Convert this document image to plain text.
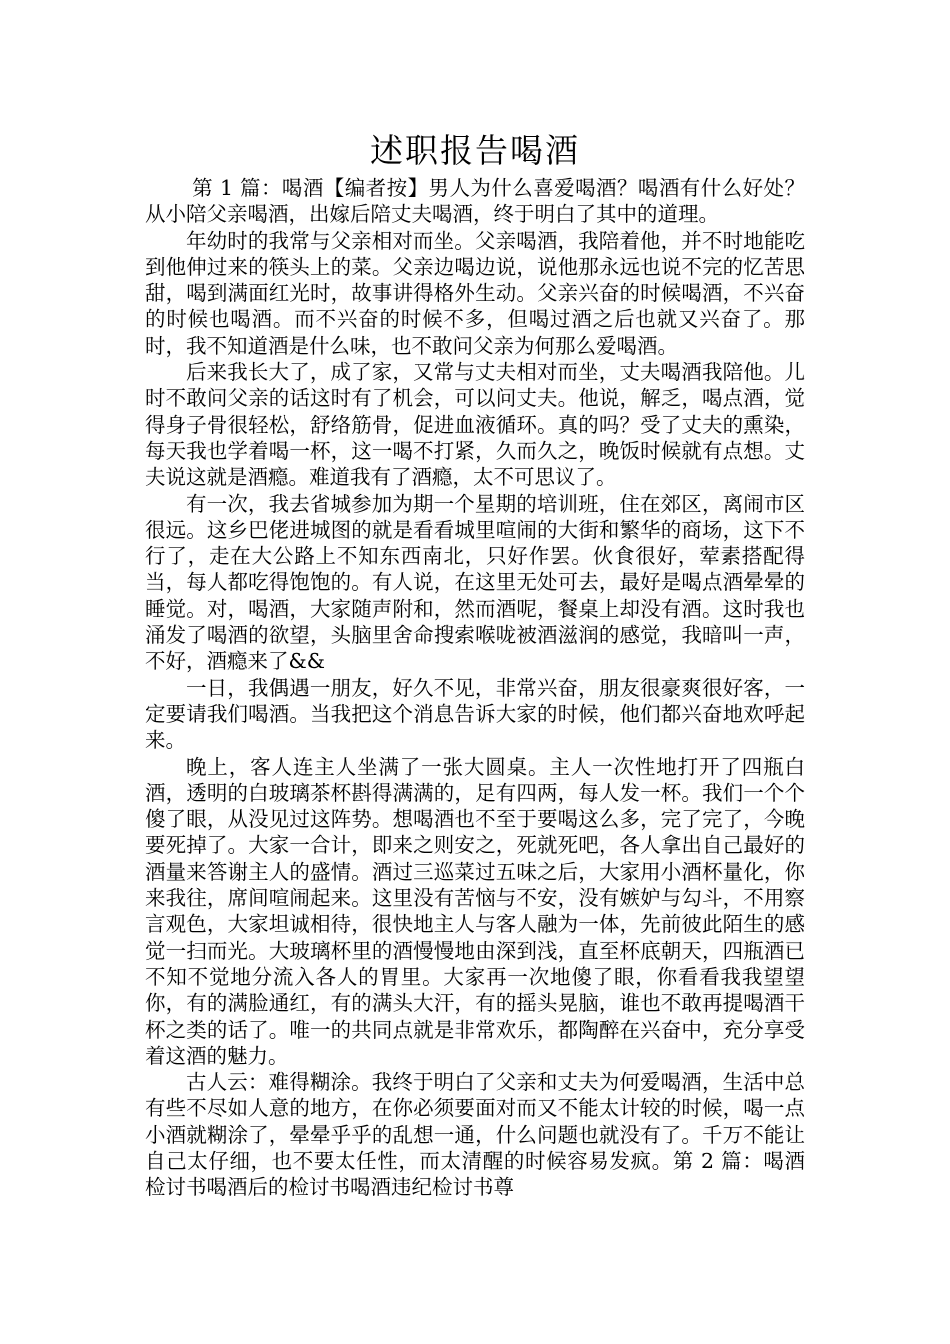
述职报告喝酒

第 1 篇：喝酒【编者按】男人为什么喜爱喝酒？喝酒有什么好处？从小陪父亲喝酒，出嫁后陪丈夫喝酒，终于明白了其中的道理。

年幼时的我常与父亲相对而坐。父亲喝酒，我陪着他，并不时地能吃到他伸过来的筷头上的菜。父亲边喝边说，说他那永远也说不完的忆苦思甜，喝到满面红光时，故事讲得格外生动。父亲兴奋的时候喝酒，不兴奋的时候也喝酒。而不兴奋的时候不多，但喝过酒之后也就又兴奋了。那时，我不知道酒是什么味，也不敢问父亲为何那么爱喝酒。

后来我长大了，成了家，又常与丈夫相对而坐，丈夫喝酒我陪他。儿时不敢问父亲的话这时有了机会，可以问丈夫。他说，解乏，喝点酒，觉得身子骨很轻松，舒络筋骨，促进血液循环。真的吗？受了丈夫的熏染，每天我也学着喝一杯，这一喝不打紧，久而久之，晚饭时候就有点想。丈夫说这就是酒瘾。难道我有了酒瘾，太不可思议了。

有一次，我去省城参加为期一个星期的培训班，住在郊区，离闹市区很远。这乡巴佬进城图的就是看看城里喧闹的大街和繁华的商场，这下不行了，走在大公路上不知东西南北，只好作罢。伙食很好，荤素搭配得当，每人都吃得饱饱的。有人说，在这里无处可去，最好是喝点酒晕晕的睡觉。对，喝酒，大家随声附和，然而酒呢，餐桌上却没有酒。这时我也涌发了喝酒的欲望，头脑里舍命搜索喉咙被酒滋润的感觉，我暗叫一声，不好，酒瘾来了&&

一日，我偶遇一朋友，好久不见，非常兴奋，朋友很豪爽很好客，一定要请我们喝酒。当我把这个消息告诉大家的时候，他们都兴奋地欢呼起来。

晚上，客人连主人坐满了一张大圆桌。主人一次性地打开了四瓶白酒，透明的白玻璃茶杯斟得满满的，足有四两，每人发一杯。我们一个个傻了眼，从没见过这阵势。想喝酒也不至于要喝这么多，完了完了，今晚要死掉了。大家一合计，即来之则安之，死就死吧，各人拿出自己最好的酒量来答谢主人的盛情。酒过三巡菜过五味之后，大家用小酒杯量化，你来我往，席间喧闹起来。这里没有苦恼与不安，没有嫉妒与勾斗，不用察言观色，大家坦诚相待，很快地主人与客人融为一体，先前彼此陌生的感觉一扫而光。大玻璃杯里的酒慢慢地由深到浅，直至杯底朝天，四瓶酒已不知不觉地分流入各人的胃里。大家再一次地傻了眼，你看看我我望望你，有的满脸通红，有的满头大汗，有的摇头晃脑，谁也不敢再提喝酒干杯之类的话了。唯一的共同点就是非常欢乐，都陶醉在兴奋中，充分享受着这酒的魅力。

古人云：难得糊涂。我终于明白了父亲和丈夫为何爱喝酒，生活中总有些不尽如人意的地方，在你必须要面对而又不能太计较的时候，喝一点小酒就糊涂了，晕晕乎乎的乱想一通，什么问题也就没有了。千万不能让自己太仔细，也不要太任性，而太清醒的时候容易发疯。第 2 篇：喝酒检讨书喝酒后的检讨书喝酒违纪检讨书尊
